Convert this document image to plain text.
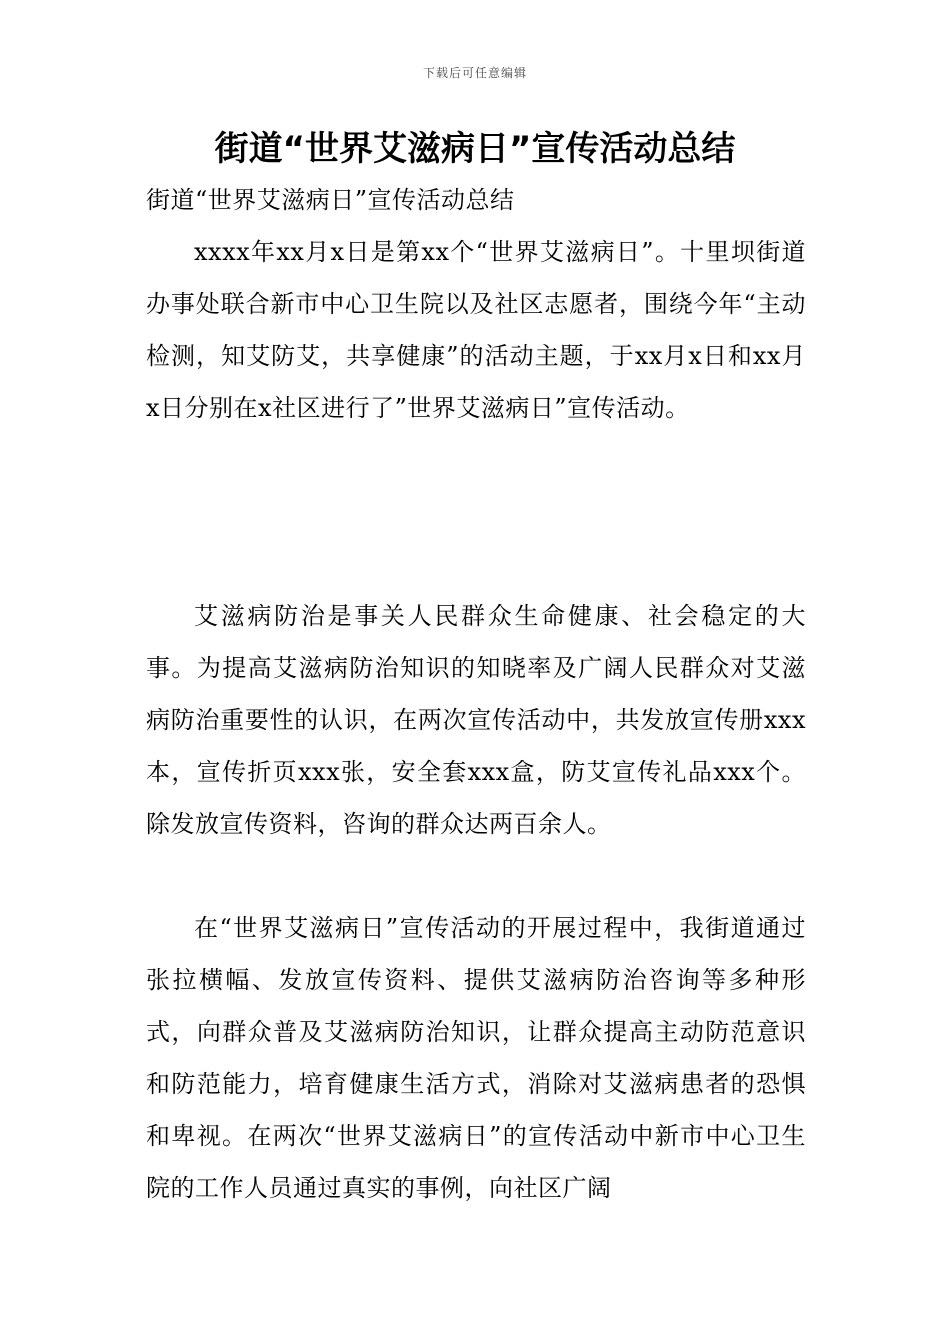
下载后可任意编辑
街道“世界艾滋病日”宣传活动总结

街道“世界艾滋病日”宣传活动总结

xxxx年xx月x日是第xx个“世界艾滋病日”。十里坝街道办事处联合新市中心卫生院以及社区志愿者，围绕今年“主动检测，知艾防艾，共享健康”的活动主题，于xx月x日和xx月x日分别在x社区进行了”世界艾滋病日”宣传活动。

艾滋病防治是事关人民群众生命健康、社会稳定的大事。为提高艾滋病防治知识的知晓率及广阔人民群众对艾滋病防治重要性的认识，在两次宣传活动中，共发放宣传册xxx本，宣传折页xxx张，安全套xxx盒，防艾宣传礼品xxx个。除发放宣传资料，咨询的群众达两百余人。

在“世界艾滋病日”宣传活动的开展过程中，我街道通过张拉横幅、发放宣传资料、提供艾滋病防治咨询等多种形式，向群众普及艾滋病防治知识，让群众提高主动防范意识和防范能力，培育健康生活方式，消除对艾滋病患者的恐惧和卑视。在两次“世界艾滋病日”的宣传活动中新市中心卫生院的工作人员通过真实的事例，向社区广阔
